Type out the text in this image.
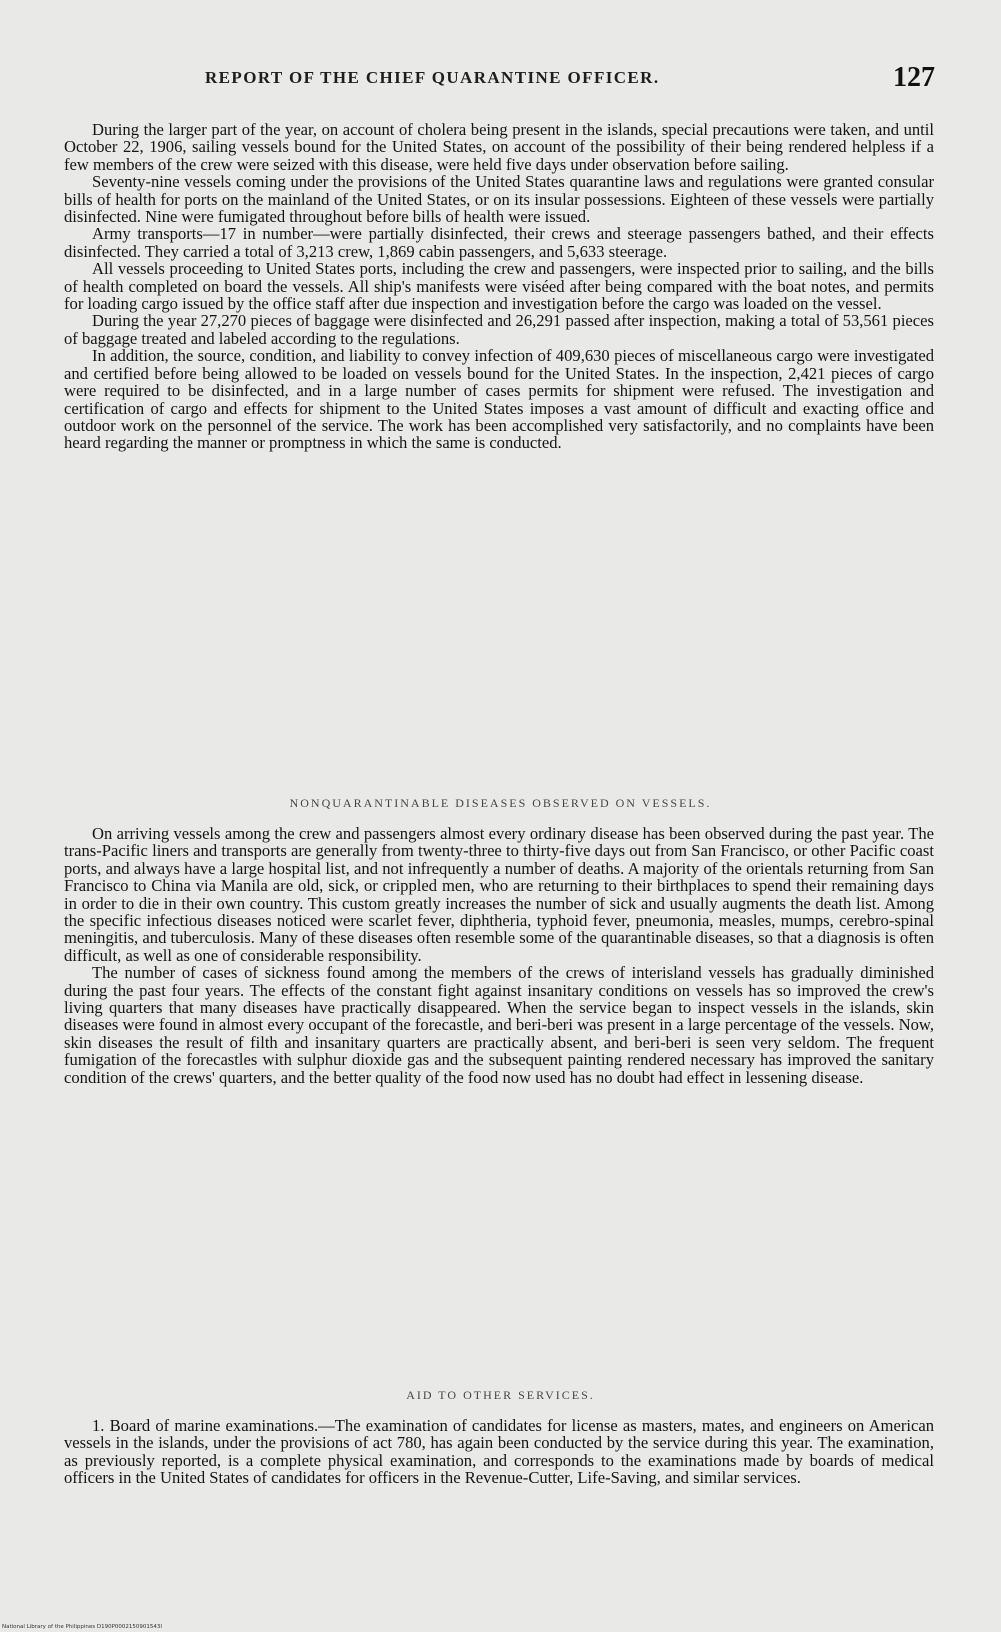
REPORT OF THE CHIEF QUARANTINE OFFICER.	127

During the larger part of the year, on account of cholera being present in the islands, special precautions were taken, and until October 22, 1906, sailing vessels bound for the United States, on account of the possibility of their being rendered helpless if a few members of the crew were seized with this disease, were held five days under observation before sailing.

Seventy-nine vessels coming under the provisions of the United States quarantine laws and regulations were granted consular bills of health for ports on the mainland of the United States, or on its insular possessions. Eighteen of these vessels were partially disinfected. Nine were fumigated throughout before bills of health were issued.

Army transports—17 in number—were partially disinfected, their crews and steerage passengers bathed, and their effects disinfected. They carried a total of 3,213 crew, 1,869 cabin passengers, and 5,633 steerage.

All vessels proceeding to United States ports, including the crew and passengers, were inspected prior to sailing, and the bills of health completed on board the vessels. All ship's manifests were viséed after being compared with the boat notes, and permits for loading cargo issued by the office staff after due inspection and investigation before the cargo was loaded on the vessel.

During the year 27,270 pieces of baggage were disinfected and 26,291 passed after inspection, making a total of 53,561 pieces of baggage treated and labeled according to the regulations.

In addition, the source, condition, and liability to convey infection of 409,630 pieces of miscellaneous cargo were investigated and certified before being allowed to be loaded on vessels bound for the United States. In the inspection, 2,421 pieces of cargo were required to be disinfected, and in a large number of cases permits for shipment were refused. The investigation and certification of cargo and effects for shipment to the United States imposes a vast amount of difficult and exacting office and outdoor work on the personnel of the service. The work has been accomplished very satisfactorily, and no complaints have been heard regarding the manner or promptness in which the same is conducted.

NONQUARANTINABLE DISEASES OBSERVED ON VESSELS.

On arriving vessels among the crew and passengers almost every ordinary disease has been observed during the past year. The trans-Pacific liners and transports are generally from twenty-three to thirty-five days out from San Francisco, or other Pacific coast ports, and always have a large hospital list, and not infrequently a number of deaths. A majority of the orientals returning from San Francisco to China via Manila are old, sick, or crippled men, who are returning to their birthplaces to spend their remaining days in order to die in their own country. This custom greatly increases the number of sick and usually augments the death list. Among the specific infectious diseases noticed were scarlet fever, diphtheria, typhoid fever, pneumonia, measles, mumps, cerebro-spinal meningitis, and tuberculosis. Many of these diseases often resemble some of the quarantinable diseases, so that a diagnosis is often difficult, as well as one of considerable responsibility.

The number of cases of sickness found among the members of the crews of interisland vessels has gradually diminished during the past four years. The effects of the constant fight against insanitary conditions on vessels has so improved the crew's living quarters that many diseases have practically disappeared. When the service began to inspect vessels in the islands, skin diseases were found in almost every occupant of the forecastle, and beri-beri was present in a large percentage of the vessels. Now, skin diseases the result of filth and insanitary quarters are practically absent, and beri-beri is seen very seldom. The frequent fumigation of the forecastles with sulphur dioxide gas and the subsequent painting rendered necessary has improved the sanitary condition of the crews' quarters, and the better quality of the food now used has no doubt had effect in lessening disease.

AID TO OTHER SERVICES.

1. Board of marine examinations.—The examination of candidates for license as masters, mates, and engineers on American vessels in the islands, under the provisions of act 780, has again been conducted by the service during this year. The examination, as previously reported, is a complete physical examination, and corresponds to the examinations made by boards of medical officers in the United States of candidates for officers in the Revenue-Cutter, Life-Saving, and similar services.

National Library of the Philippines D190P0002150901543I
